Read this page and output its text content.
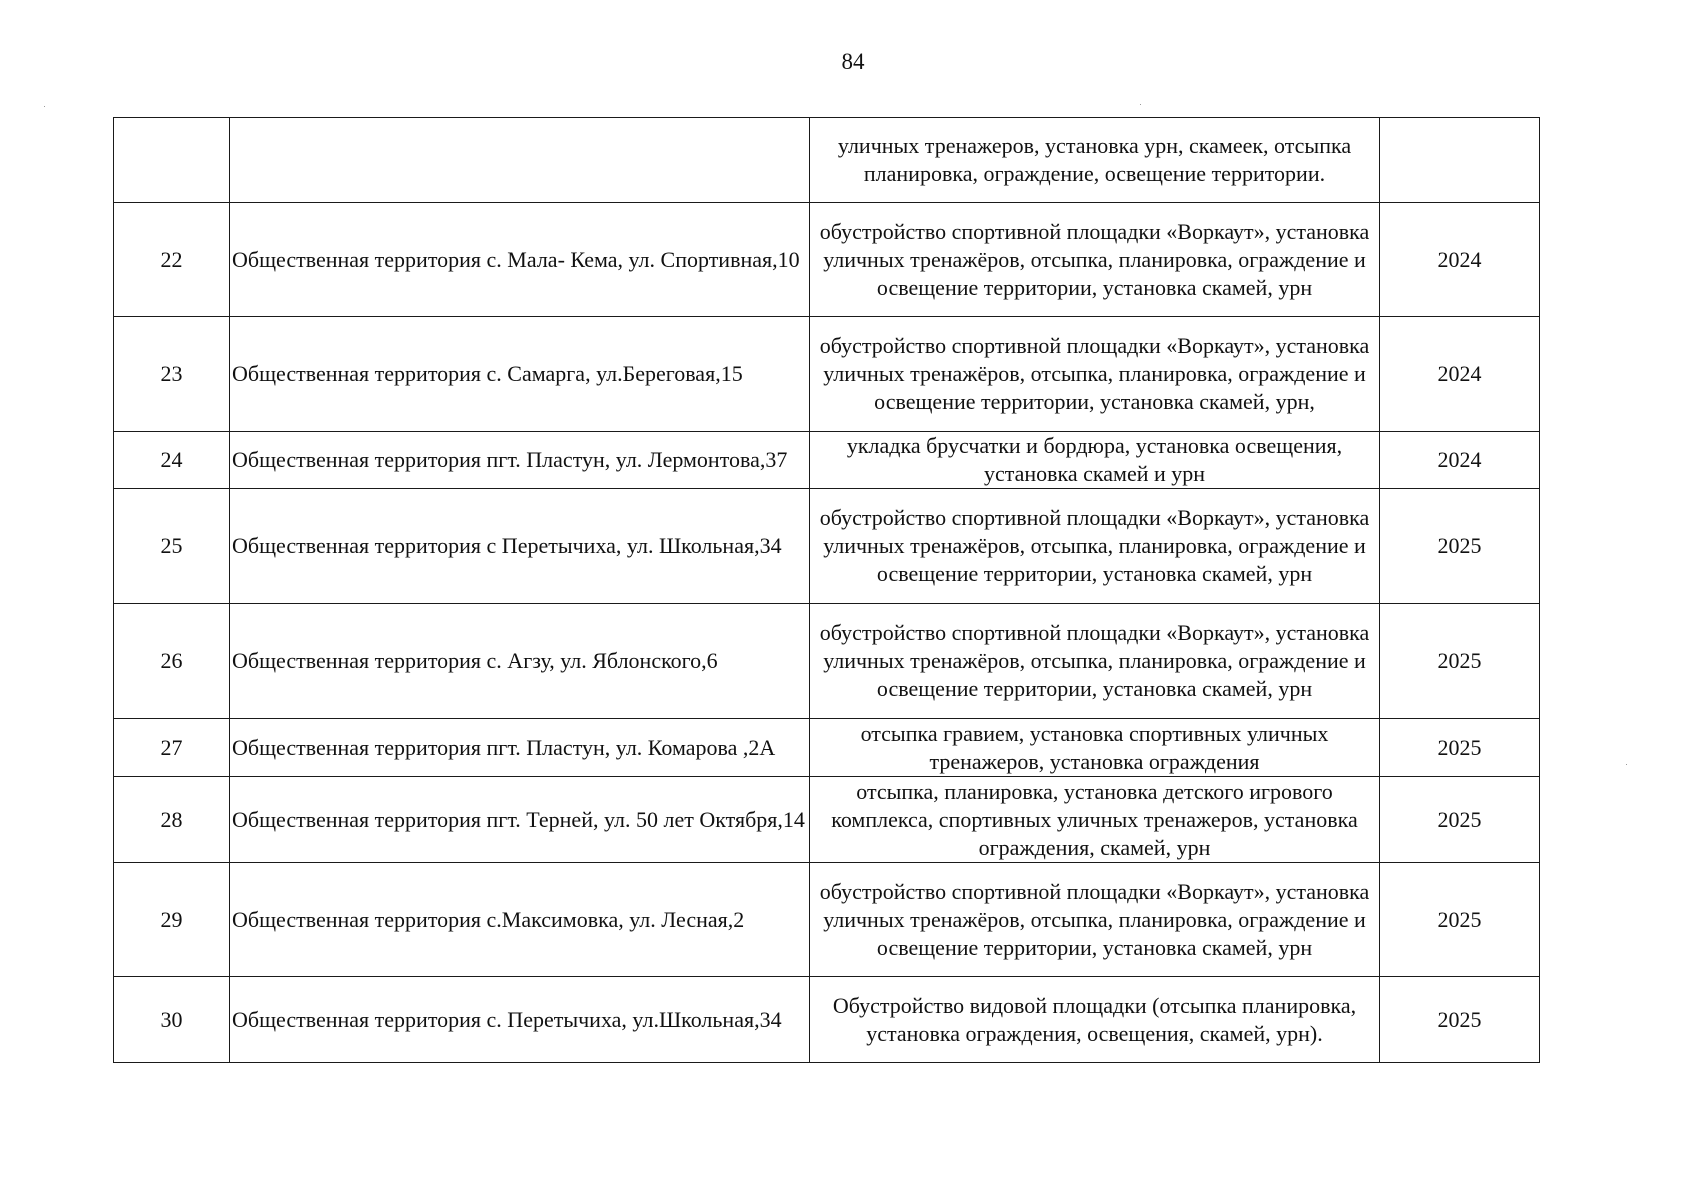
84
		уличных тренажеров, установка урн, скамеек, отсыпка планировка, ограждение, освещение территории.	
22	Общественная территория с. Мала- Кема, ул. Спортивная,10	обустройство спортивной площадки «Воркаут», установка уличных тренажёров, отсыпка, планировка, ограждение и освещение территории, установка скамей, урн	2024
23	Общественная территория с. Самарга, ул.Береговая,15	обустройство спортивной площадки «Воркаут», установка уличных тренажёров, отсыпка, планировка, ограждение и освещение территории, установка скамей, урн,	2024
24	Общественная территория пгт. Пластун, ул. Лермонтова,37	укладка брусчатки и бордюра, установка освещения, установка скамей и урн	2024
25	Общественная территория с Перетычиха, ул. Школьная,34	обустройство спортивной площадки «Воркаут», установка уличных тренажёров, отсыпка, планировка, ограждение и освещение территории, установка скамей, урн	2025
26	Общественная территория с. Агзу, ул. Яблонского,6	обустройство спортивной площадки «Воркаут», установка уличных тренажёров, отсыпка, планировка, ограждение и освещение территории, установка скамей, урн	2025
27	Общественная территория пгт. Пластун, ул. Комарова ,2А	отсыпка гравием, установка спортивных уличных тренажеров, установка ограждения	2025
28	Общественная территория пгт. Терней, ул. 50 лет Октября,14	отсыпка, планировка, установка детского игрового комплекса, спортивных уличных тренажеров, установка ограждения, скамей, урн	2025
29	Общественная территория с.Максимовка, ул. Лесная,2	обустройство спортивной площадки «Воркаут», установка уличных тренажёров, отсыпка, планировка, ограждение и освещение территории, установка скамей, урн	2025
30	Общественная территория с. Перетычиха, ул.Школьная,34	Обустройство видовой площадки (отсыпка планировка, установка ограждения, освещения, скамей, урн).	2025
